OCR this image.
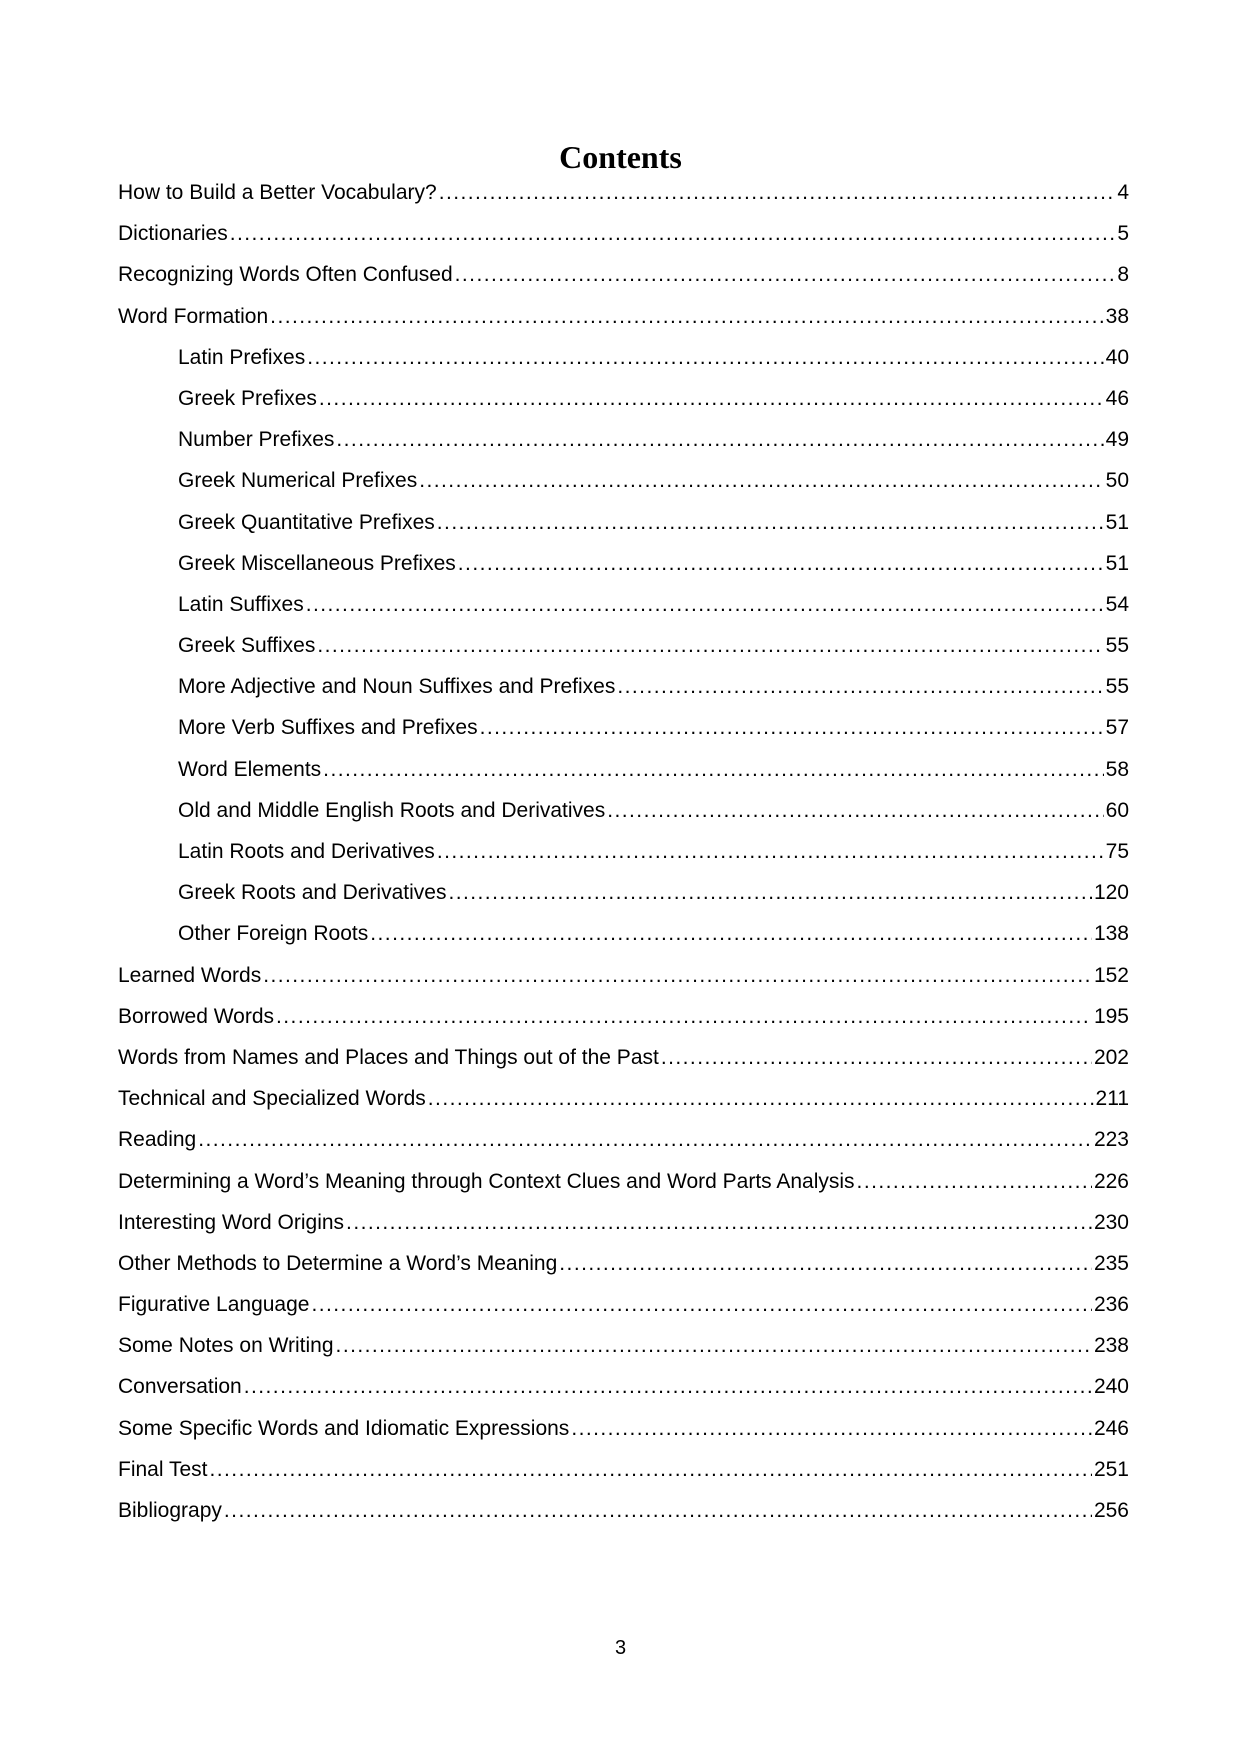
Contents
How to Build a Better Vocabulary? . . .	4
Dictionaries . . .	5
Recognizing Words Often Confused . . .	8
Word Formation . . .	38
Latin Prefixes . . .	40
Greek Prefixes . . .	46
Number Prefixes . . .	49
Greek Numerical Prefixes . . .	50
Greek Quantitative Prefixes . . .	51
Greek Miscellaneous Prefixes . . .	51
Latin Suffixes . . .	54
Greek Suffixes . . .	55
More Adjective and Noun Suffixes and Prefixes . . .	55
More Verb Suffixes and Prefixes . . .	57
Word Elements . . .	58
Old and Middle English Roots and Derivatives . . .	60
Latin Roots and Derivatives . . .	75
Greek Roots and Derivatives . . .	120
Other Foreign Roots . . .	138
Learned Words . . .	152
Borrowed Words . . .	195
Words from Names and Places and Things out of the Past . . .	202
Technical and Specialized Words . . .	211
Reading . . .	223
Determining a Word’s Meaning through Context Clues and Word Parts Analysis . . .	226
Interesting Word Origins . . .	230
Other Methods to Determine a Word’s Meaning . . .	235
Figurative Language . . .	236
Some Notes on Writing . . .	238
Conversation . . .	240
Some Specific Words and Idiomatic Expressions . . .	246
Final Test . . .	251
Bibliograpy . . .	256
3
